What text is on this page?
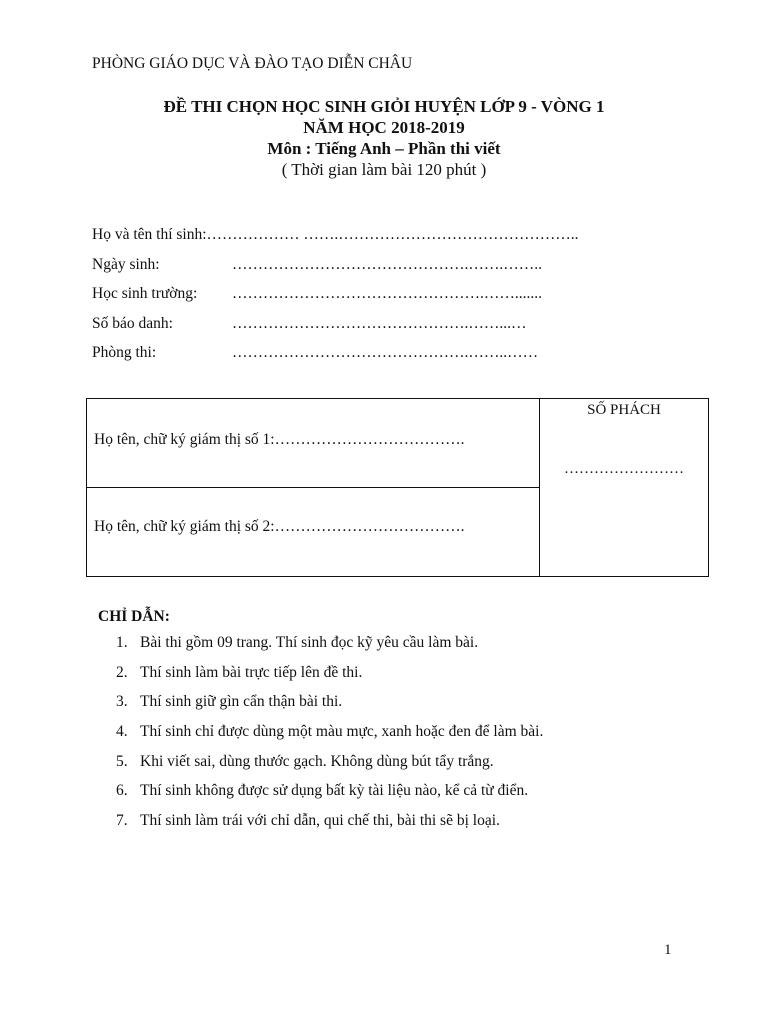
PHÒNG GIÁO DỤC VÀ ĐÀO TẠO DIỄN CHÂU
ĐỀ THI CHỌN HỌC SINH GIỎI HUYỆN LỚP 9 - VÒNG 1
NĂM HỌC 2018-2019
Môn : Tiếng Anh – Phần thi viết
( Thời gian làm bài 120 phút )
Họ và tên thí sinh:……………… …….………………………………………..
Ngày sinh:	……………………………………….…….……..
Học sinh trường: ………………………………………….…….......
Số báo danh:	……………………………………….……...…
Phòng thi:	……………………………………….……..……
Họ tên, chữ ký giám thị số 1:……………………………….
Họ tên, chữ ký giám thị số 2:……………………………….
SỐ PHÁCH
……………………
CHỈ DẪN:
1. Bài thi gồm 09 trang. Thí sinh đọc kỹ yêu cầu làm bài.
2. Thí sinh làm bài trực tiếp lên đề thi.
3. Thí sinh giữ gìn cẩn thận bài thi.
4. Thí sinh chỉ được dùng một màu mực, xanh hoặc đen để làm bài.
5. Khi viết sai, dùng thước gạch. Không dùng bút tẩy trắng.
6. Thí sinh không được sử dụng bất kỳ tài liệu nào, kể cả từ điển.
7. Thí sinh làm trái với chỉ dẫn, qui chế thi, bài thi sẽ bị loại.
1
